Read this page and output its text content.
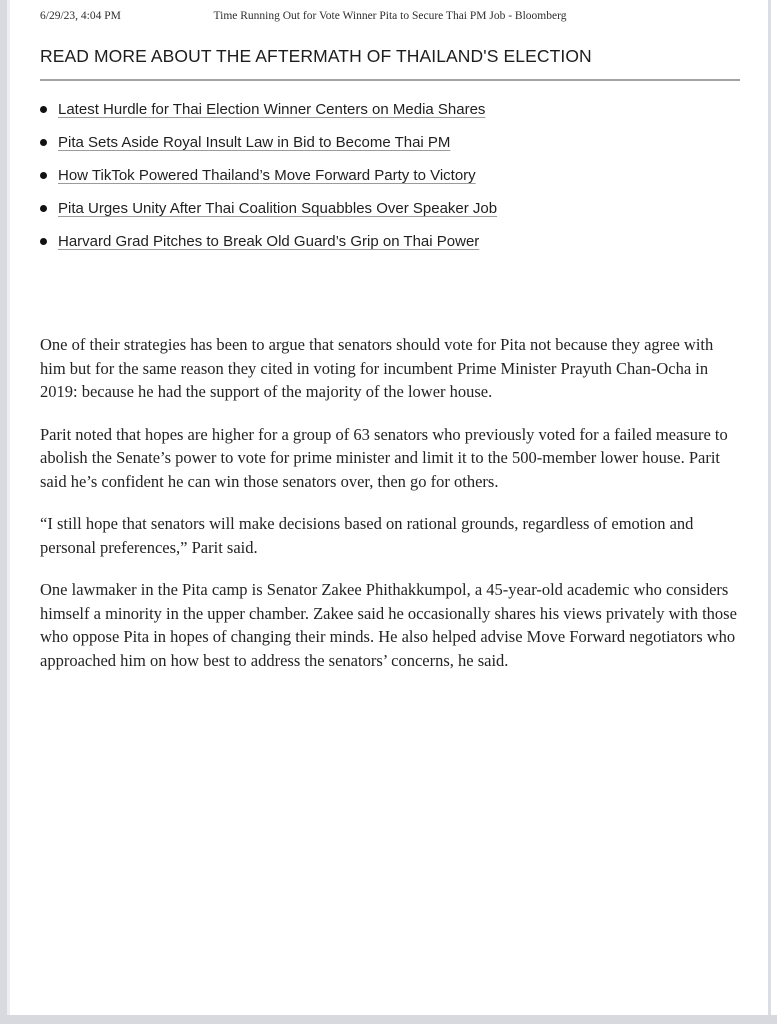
6/29/23, 4:04 PM	Time Running Out for Vote Winner Pita to Secure Thai PM Job - Bloomberg
READ MORE ABOUT THE AFTERMATH OF THAILAND'S ELECTION
Latest Hurdle for Thai Election Winner Centers on Media Shares
Pita Sets Aside Royal Insult Law in Bid to Become Thai PM
How TikTok Powered Thailand’s Move Forward Party to Victory
Pita Urges Unity After Thai Coalition Squabbles Over Speaker Job
Harvard Grad Pitches to Break Old Guard’s Grip on Thai Power

One of their strategies has been to argue that senators should vote for Pita not because they agree with him but for the same reason they cited in voting for incumbent Prime Minister Prayuth Chan-Ocha in 2019: because he had the support of the majority of the lower house.

Parit noted that hopes are higher for a group of 63 senators who previously voted for a failed measure to abolish the Senate’s power to vote for prime minister and limit it to the 500-member lower house. Parit said he’s confident he can win those senators over, then go for others.

“I still hope that senators will make decisions based on rational grounds, regardless of emotion and personal preferences,” Parit said.

One lawmaker in the Pita camp is Senator Zakee Phithakkumpol, a 45-year-old academic who considers himself a minority in the upper chamber. Zakee said he occasionally shares his views privately with those who oppose Pita in hopes of changing their minds. He also helped advise Move Forward negotiators who approached him on how best to address the senators’ concerns, he said.
